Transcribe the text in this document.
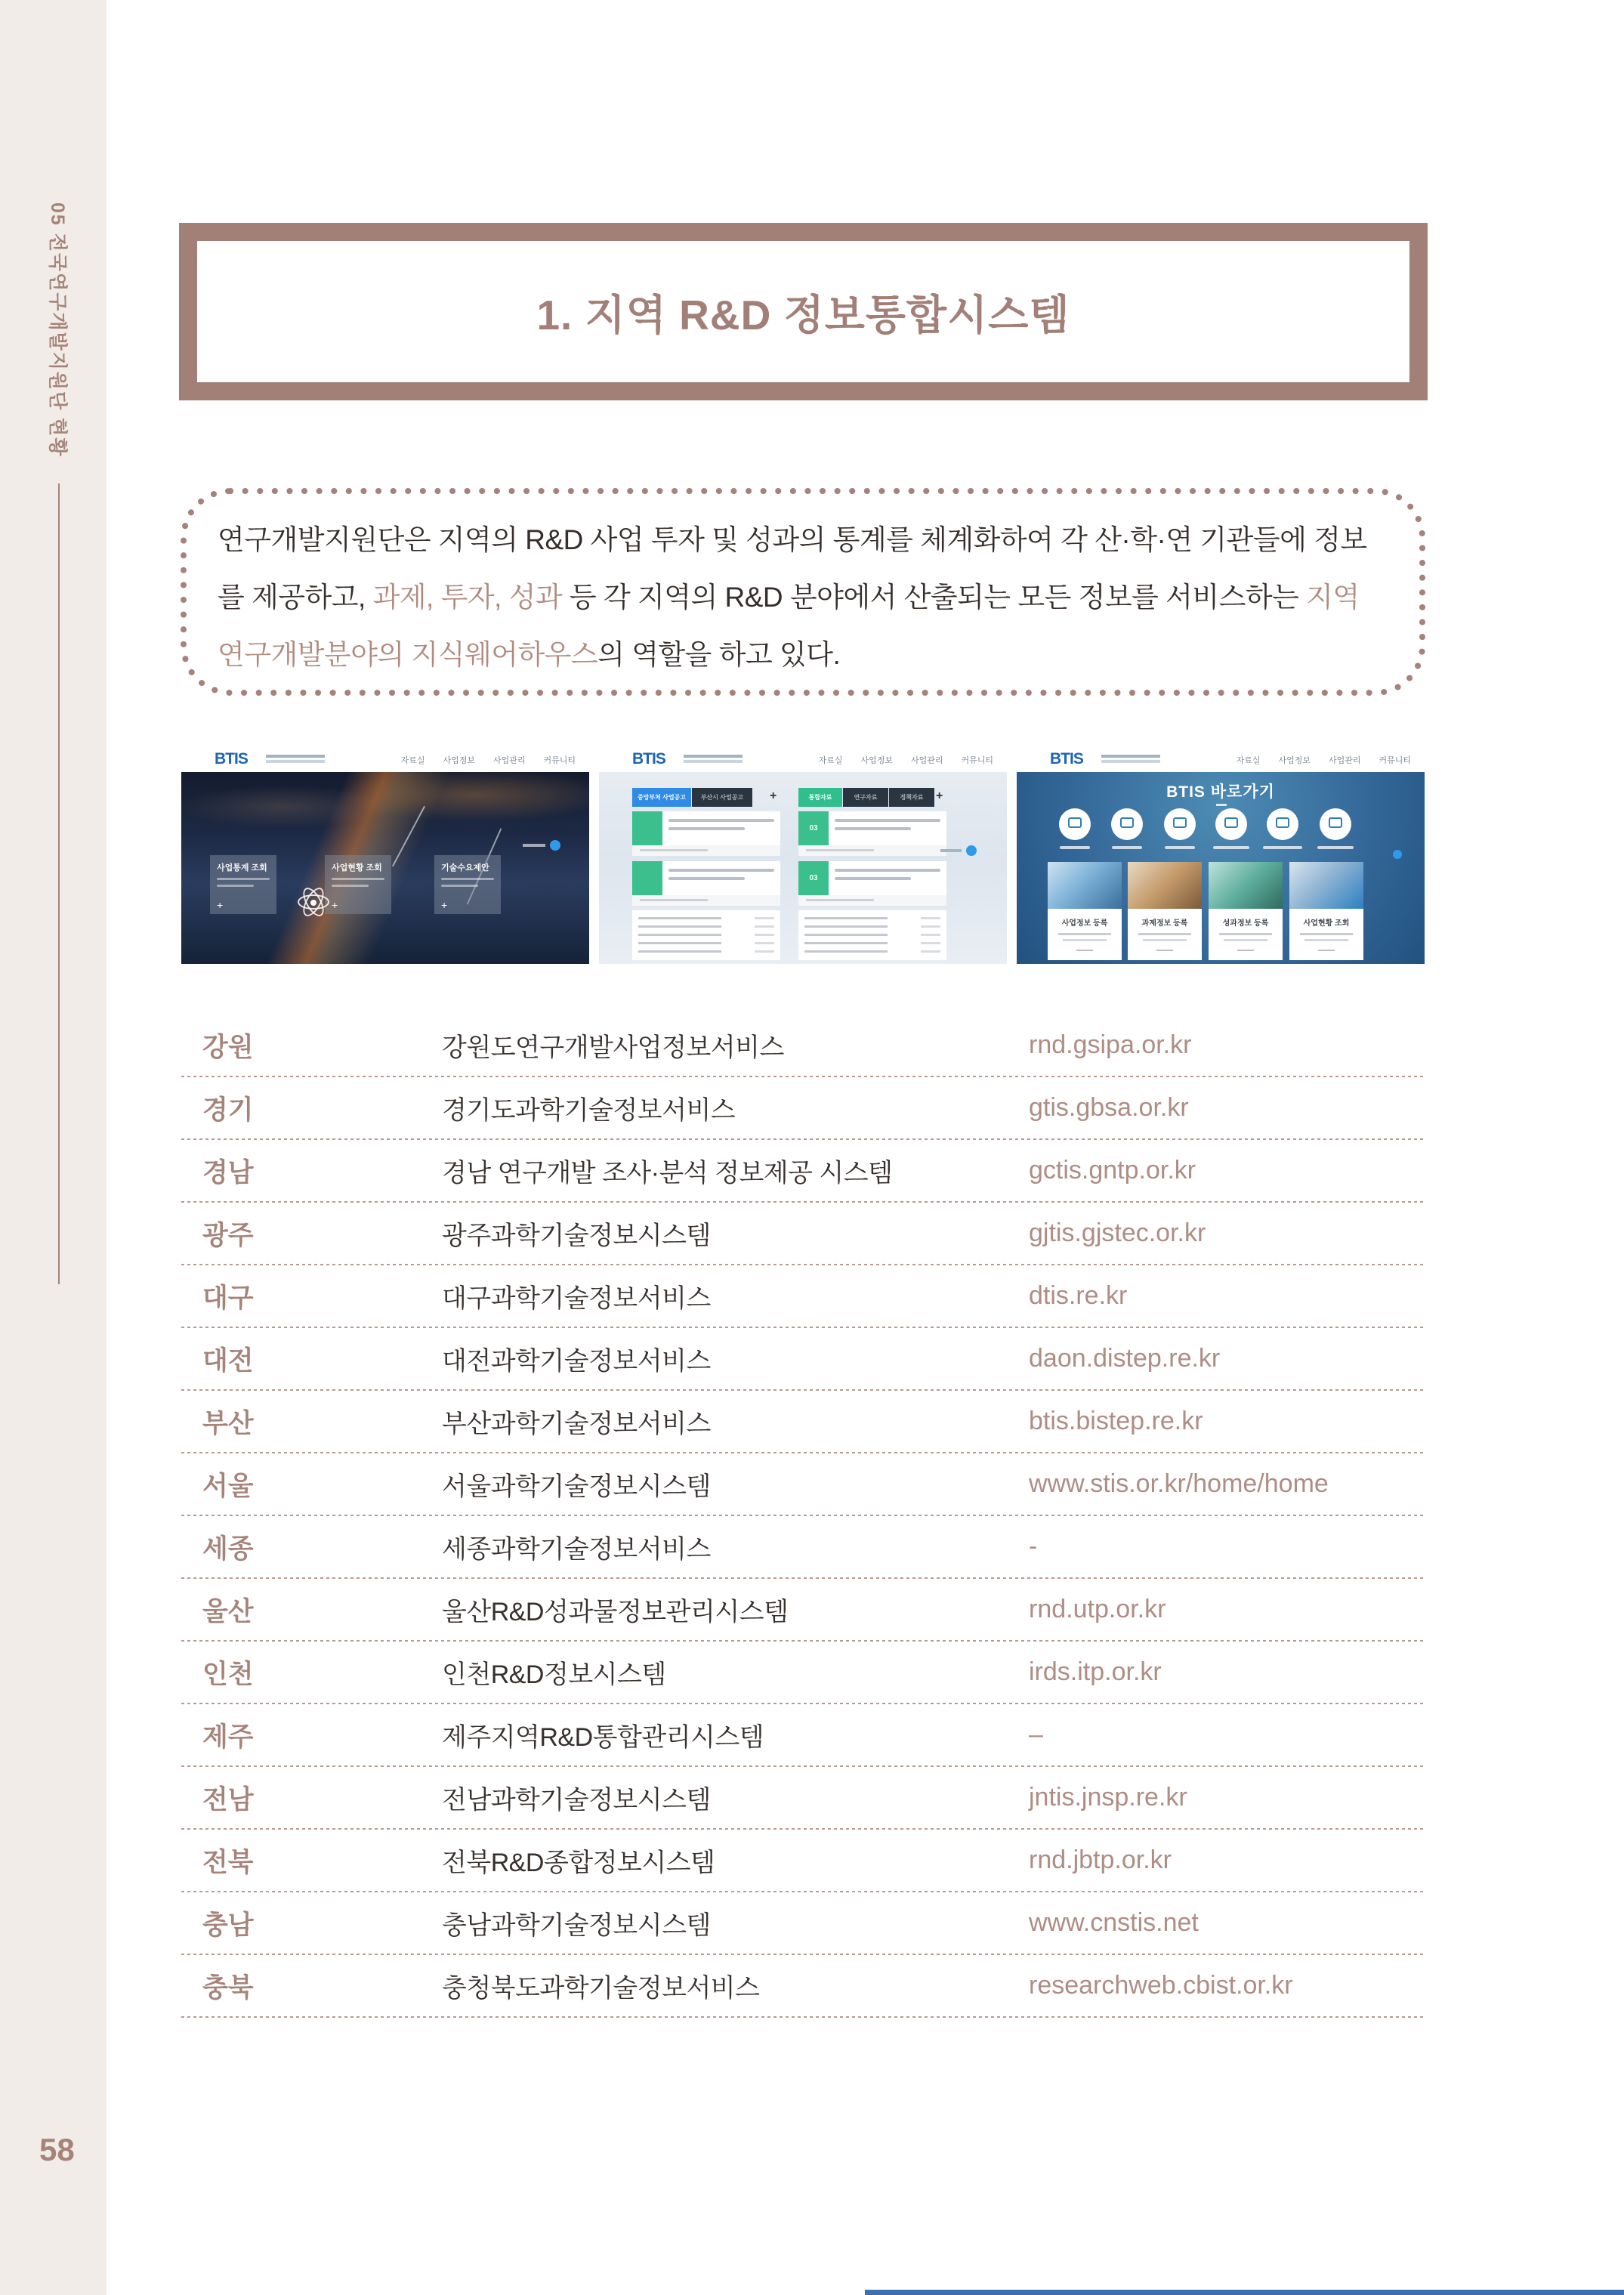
05 전국연구개발지원단 현황
58
1. 지역 R&D 정보통합시스템

연구개발지원단은 지역의 R&D 사업 투자 및 성과의 통계를 체계화하여 각 산·학·연 기관들에 정보를 제공하고, 과제, 투자, 성과 등 각 지역의 R&D 분야에서 산출되는 모든 정보를 서비스하는 지역 연구개발분야의 지식웨어하우스의 역할을 하고 있다.

BTIS	자료실 사업정보 사업관리 커뮤니티
사업통계 조회
+
사업현황 조회
+
기술수요제안
+
BTIS	자료실 사업정보 사업관리 커뮤니티
중앙부처 사업공고	부산시 사업공고	+	통합자료	연구자료	정책자료	+
03
03
BTIS	자료실 사업정보 사업관리 커뮤니티
BTIS 바로가기
사업정보 등록	과제정보 등록	성과정보 등록	사업현황 조회
강원	강원도연구개발사업정보서비스	rnd.gsipa.or.kr
경기	경기도과학기술정보서비스	gtis.gbsa.or.kr
경남	경남 연구개발 조사·분석 정보제공 시스템	gctis.gntp.or.kr
광주	광주과학기술정보시스템	gjtis.gjstec.or.kr
대구	대구과학기술정보서비스	dtis.re.kr
대전	대전과학기술정보서비스	daon.distep.re.kr
부산	부산과학기술정보서비스	btis.bistep.re.kr
서울	서울과학기술정보시스템	www.stis.or.kr/home/home
세종	세종과학기술정보서비스	-
울산	울산R&D성과물정보관리시스템	rnd.utp.or.kr
인천	인천R&D정보시스템	irds.itp.or.kr
제주	제주지역R&D통합관리시스템	–
전남	전남과학기술정보시스템	jntis.jnsp.re.kr
전북	전북R&D종합정보시스템	rnd.jbtp.or.kr
충남	충남과학기술정보시스템	www.cnstis.net
충북	충청북도과학기술정보서비스	researchweb.cbist.or.kr
